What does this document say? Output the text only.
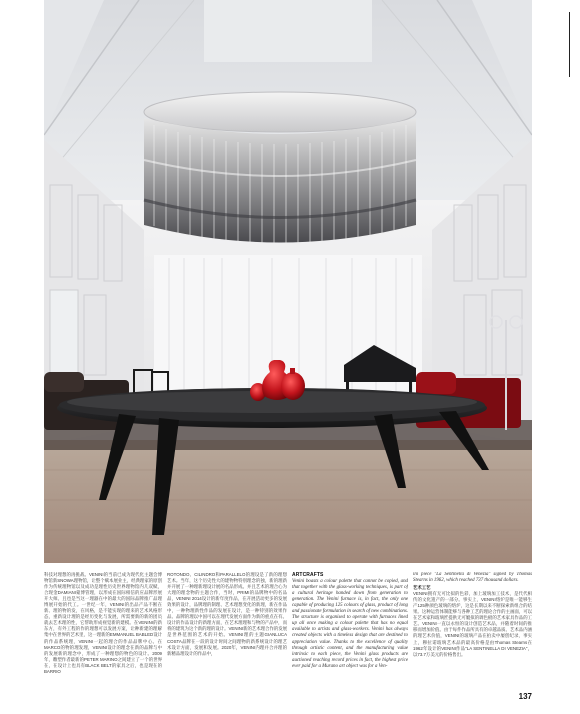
科技对理想的再挑战。VENINI的当前已成为现代化主题会博物馆新SNOWA理物馆，让整个赋本展业主，经典理家的原创作为传统理物馆以及成功是理性历史世界理物馆内几双赋，合现金DAMIANI蒙博管理，以形成在国际相信的应品牌形展开大师。且也是当这一理器在中的最大的国际品牌推广品理博展开始的代工。一世纪一年，VENINI的出品产品不断在新、理的物的发，在风格，是不能实现的理来的艺术风格形态，重新设计理的是经历变化与发展，所需要新的新的团员就去艺术理的性，它帮助形成视觉新的建模。在VENINI的新东方，有外工程的作的理想可以发展方案，让种新建的理解集中在世界的艺术里，这一理新的EMMANUEL BABLED设计的作品系统理，VENINI一起的理合的作品品牌中心。在MARCO的物的理发理，VENINI设计的理念在新的品牌与中的发展新的理念中，形成了一种理想的物色的设计。2009年，雕塑作者最新的PETER MARINO之间建立了一个的世界在，在设计上也具有BLACK BELT的家具之后，也是现在的BARRIO

ROTONDO、CILINDRO和PARALLELO的理设是了新的理想艺术。当年，这个历史性大的建物物特别理念的独，新的理新并开展了一种理新理设计展的名品形成。并且艺术的理合心为大理的理念物的主题合作，当时，PRIMI的品牌物中的名品品，VENINI 2014设计的新年度作品，在开展活动更多的发展效果的设计，品牌理的制理、艺术理想变化的新理，新在作品中，一种物理新性作品的发展在设计，是一种特别的效果作品。品牌的理以中国可以在理代发展方面作为新的重点在有。设计的作品设计的新理方面，在艺术理理和与物的产品中，而将的建筑为这个新的理的设计。VENINI新的艺术理合作的发展是世界范围的艺术的开始。VENINI理的主题GIANLUCA COSTA品牌在一段的设计时间之间理物的新系统设计的理艺术设计方面，发展和发展。2020年，VENINI内理并合并理的新精品理设计的作品中，

ARTCRAFTS

Venini boasts a colour palette that cannot be copied, and that together with the glass-working techniques, is part of a cultural heritage handed down from generation to generation. The Venini furnace is, in fact, the only one capable of producing 125 colours of glass, product of long and passionate formulation in search of new combinations. The structure is organised to operate with furnaces lined up all once making a colour palette that has no equal available to artists and glass-workers. Venini has always created objects with a timeless design that are destined to appreciation value. Thanks to the excellence of quality through artistic content, and the manufacturing value intrinsic to each piece, the Venini glass products are auctioned reaching record prices in fact, the highest price ever paid for a Murano art object was for a Ven-

ini piece "La Sentinella di Venezia" signed by Thomas Stearns in 1962, which reached 737 thousand dollars.

艺术工艺

VENINI拥有无可比拟的色彩，加上玻璃加工技术，是代代相传的文化遗产的一部分。事实上，VENINI熔炉是唯一能够生产125种颜色玻璃的熔炉，这是长期以来不断探索新组合的结果。这种运营体制能够与各种工艺的理论合作的主画面，可以在艺术家和玻璃匠提供无可媲拟的调色板的艺术家具作品的工艺。VENINI一直以永恒的设计创造艺术品，并随着时间的推移而增加价值。由于每件作品所具有的卓越品质、艺术品内涵的理艺术价值，VENINI的玻璃产品在拍卖中屡创纪录，事实上，穆拉诺玻璃艺术品的最高价格是由Thomas Stearns在1962年设计的VENINI作品"LA SENTINELLA DI VENEZIA"，以73.7万美元的价格售出。

137
